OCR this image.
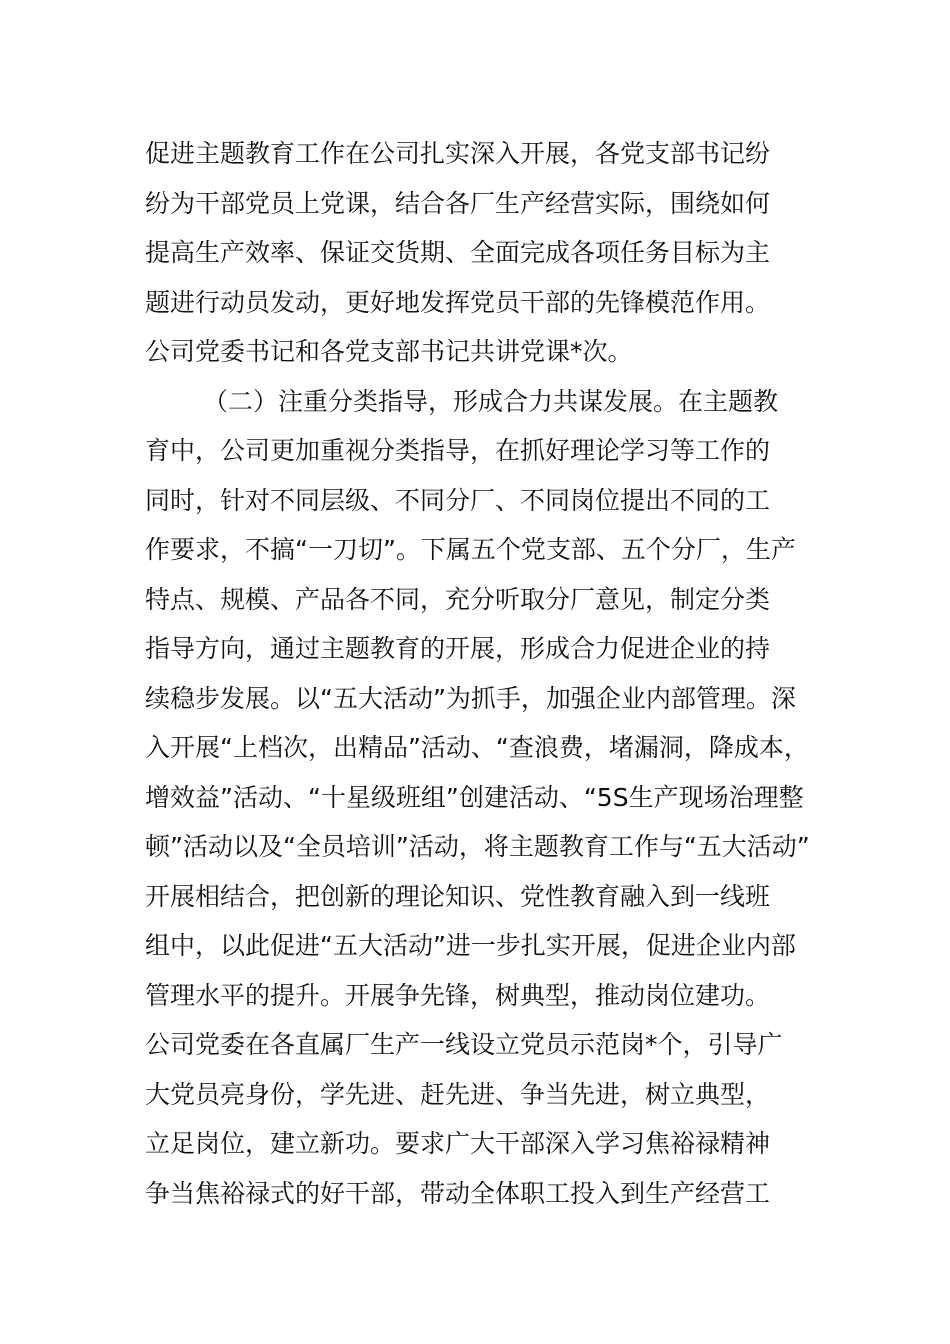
促进主题教育工作在公司扎实深入开展，各党支部书记纷
纷为干部党员上党课，结合各厂生产经营实际，围绕如何
提高生产效率、保证交货期、全面完成各项任务目标为主
题进行动员发动，更好地发挥党员干部的先锋模范作用。
公司党委书记和各党支部书记共讲党课*次。
（二）注重分类指导，形成合力共谋发展。在主题教
育中，公司更加重视分类指导，在抓好理论学习等工作的
同时，针对不同层级、不同分厂、不同岗位提出不同的工
作要求，不搞“一刀切”。下属五个党支部、五个分厂，生产
特点、规模、产品各不同，充分听取分厂意见，制定分类
指导方向，通过主题教育的开展，形成合力促进企业的持
续稳步发展。以“五大活动”为抓手，加强企业内部管理。深
入开展“上档次，出精品”活动、“查浪费，堵漏洞，降成本，
增效益”活动、“十星级班组”创建活动、“5S生产现场治理整
顿”活动以及“全员培训”活动，将主题教育工作与“五大活动”
开展相结合，把创新的理论知识、党性教育融入到一线班
组中，以此促进“五大活动”进一步扎实开展，促进企业内部
管理水平的提升。开展争先锋，树典型，推动岗位建功。
公司党委在各直属厂生产一线设立党员示范岗*个，引导广
大党员亮身份，学先进、赶先进、争当先进，树立典型，
立足岗位，建立新功。要求广大干部深入学习焦裕禄精神
争当焦裕禄式的好干部，带动全体职工投入到生产经营工
